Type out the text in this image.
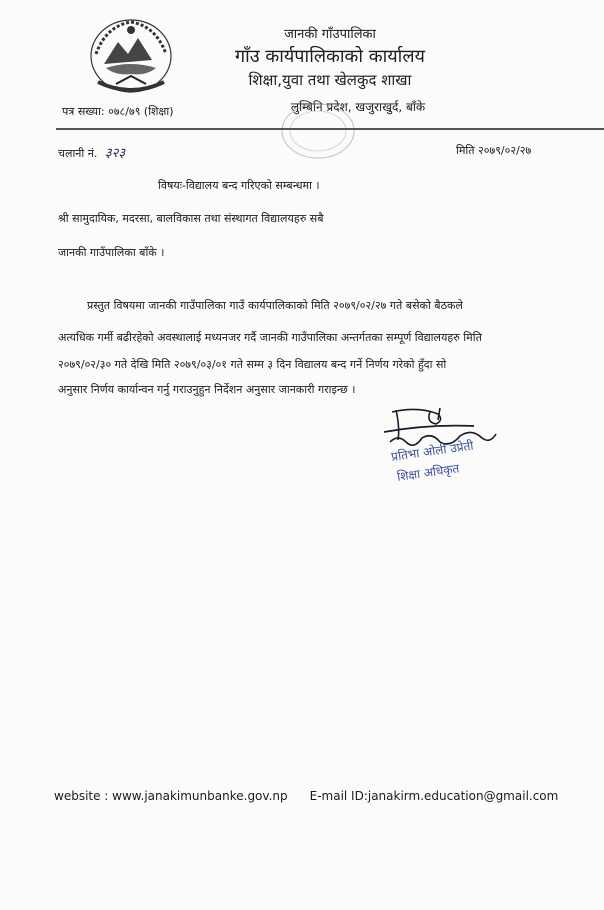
जानकी गाँउपालिका
गाँउ कार्यपालिकाको कार्यालय
शिक्षा,युवा तथा खेलकुद शाखा
लुम्बिनि प्रदेश, खजुराखुर्द, बाँके
पत्र सख्या: ०७८/७९ (शिक्षा)
चलानी नं. ३२३	मिति २०७९/०२/२७
विषयः-विद्यालय बन्द गरिएको सम्बन्धमा ।
श्री सामुदायिक, मदरसा, बालविकास तथा संस्थागत विद्यालयहरु सबै
जानकी गाउँपालिका बाँके ।
प्रस्तुत विषयमा जानकी गाउँपालिका गाउँ कार्यपालिकाको मिति २०७९/०२/२७ गते बसेको बैठकले
अत्यधिक गर्मी बढीरहेको अवस्थालाई मध्यनजर गर्दै जानकी गाउँपालिका अन्तर्गतका सम्पूर्ण विद्यालयहरु मिति
२०७९/०२/३० गते देखि मिति २०७९/०३/०१ गते सम्म ३ दिन विद्यालय बन्द गर्ने निर्णय गरेको हुँदा सो
अनुसार निर्णय कार्यान्वन गर्नु गराउनुहुन निर्देशन अनुसार जानकारी गराइन्छ ।
प्रतिभा ओली उप्रेती
शिक्षा अधिकृत
website : www.janakimunbanke.gov.np E-mail ID:janakirm.education@gmail.com
